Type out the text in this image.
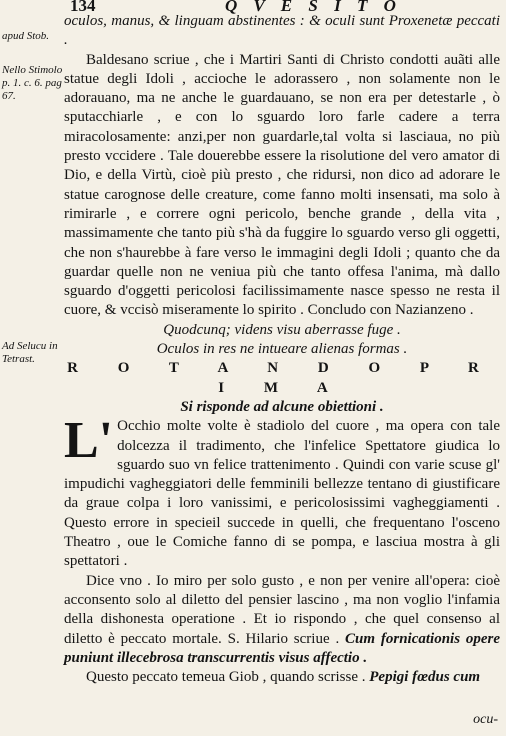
134	Q V E S I T O
apud Stob.
Nello Stimolo p. 1. c. 6. pag 67.
Ad Selucu in Tetrast.

oculos, manus, & linguam abstinentes : & oculi sunt Proxenetæ peccati .

Baldesano scriue , che i Martiri Santi di Christo condotti auãti alle statue degli Idoli , accioche le adorassero , non solamente non le adorauano, ma ne anche le guardauano, se non era per detestarle , ò sputacchiarle , e con lo sguardo loro farle cadere a terra miracolosamente: anzi,per non guardarle,tal volta si lasciaua, no più presto vccidere . Tale douerebbe essere la risolutione del vero amator di Dio, e della Virtù, cioè più presto , che ridursi, non dico ad adorare le statue carognose delle creature, come fanno molti insensati, ma solo à rimirarle , e correre ogni pericolo, benche grande , della vita , massimamente che tanto più s'hà da fuggire lo sguardo verso gli oggetti, che non s'haurebbe à fare verso le immagini degli Idoli ; quanto che da guardar quelle non ne veniua più che tanto offesa l'anima, mà dallo sguardo d'oggetti pericolosi facilissimamente nasce spesso ne resta il cuore, & vccisò miseramente lo spirito . Concludo con Nazianzeno .

Quodcunq; videns visu aberrasse fuge .

Oculos in res ne intueare alienas formas .

R O T A N D O P R I M A

Si risponde ad alcune obiettioni .

L' Occhio molte volte è stadiolo del cuore , ma opera con tale dolcezza il tradimento, che l'infelice Spettatore giudica lo sguardo suo vn felice trattenimento . Quindi con varie scuse gl' impudichi vagheggiatori delle femminili bellezze tentano di giustificare da graue colpa i loro vanissimi, e pericolosissimi vagheggiamenti . Questo errore in specieil succede in quelli, che frequentano l'osceno Theatro , oue le Comiche fanno di se pompa, e lasciua mostra à gli spettatori .

Dice vno . Io miro per solo gusto , e non per venire all'opera: cioè acconsento solo al diletto del pensier lascino , ma non voglio l'infamia della dishonesta operatione . Et io rispondo , che quel consenso al diletto è peccato mortale. S. Hilario scriue . Cum fornicationis opere puniunt illecebrosa transcurrentis visus affectio .

Questo peccato temeua Giob , quando scrisse . Pepigi fœdus cum

ocu-
